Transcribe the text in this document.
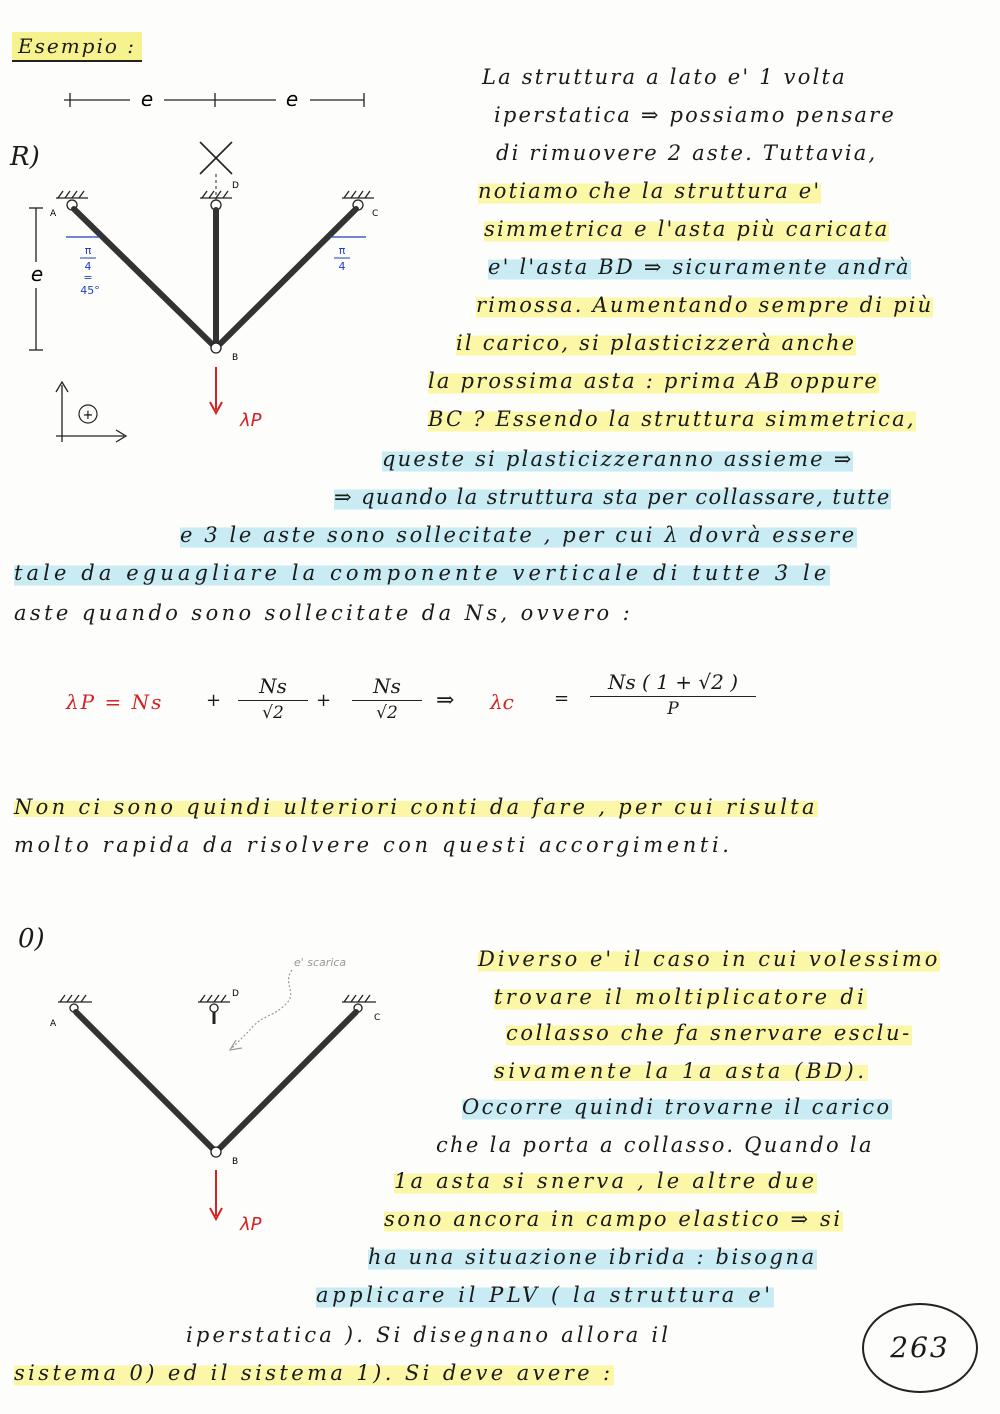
Esempio :
R)
e	e
D
A	C
B
e
π
4
=
45°
π
4
λP
+
La struttura a lato e' 1 volta
iperstatica ⇒ possiamo pensare
di rimuovere 2 aste. Tuttavia,
notiamo che la struttura e'
simmetrica e l'asta più caricata
e' l'asta BD ⇒ sicuramente andrà
rimossa. Aumentando sempre di più
il carico, si plasticizzerà anche
la prossima asta : prima AB oppure
BC ? Essendo la struttura simmetrica,
queste si plasticizzeranno assieme ⇒
⇒ quando la struttura sta per collassare, tutte
e 3 le aste sono sollecitate , per cui λ dovrà essere
tale da eguagliare la componente verticale di tutte 3 le
aste quando sono sollecitate da Ns, ovvero :
$\lambda P = Ns + \frac{Ns}{√2} + \frac{Ns}{√2}$ ⇒ $\lambda c = \frac{Ns ( 1 + √2 )}{P}$
Non ci sono quindi ulteriori conti da fare , per cui risulta
molto rapida da risolvere con questi accorgimenti.
0)
A
D
C
B
e' scarica
λP
Diverso e' il caso in cui volessimo
trovare il moltiplicatore di
collasso che fa snervare esclu-
sivamente la 1a asta (BD).
Occorre quindi trovarne il carico
che la porta a collasso. Quando la
1a asta si snerva , le altre due
sono ancora in campo elastico ⇒ si
ha una situazione ibrida : bisogna
applicare il PLV ( la struttura e'
iperstatica ). Si disegnano allora il
sistema 0) ed il sistema 1). Si deve avere :
263
